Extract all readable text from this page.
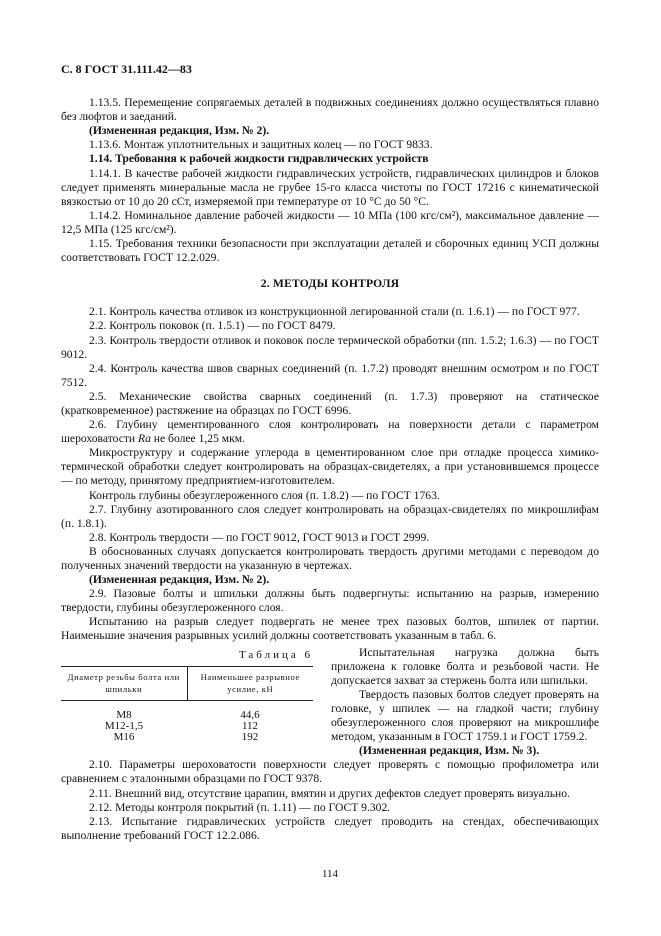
С. 8 ГОСТ 31.111.42—83

1.13.5. Перемещение сопрягаемых деталей в подвижных соединениях должно осуществляться плавно без люфтов и заеданий.

(Измененная редакция, Изм. № 2).

1.13.6. Монтаж уплотнительных и защитных колец — по ГОСТ 9833.

1.14. Требования к рабочей жидкости гидравлических устройств

1.14.1. В качестве рабочей жидкости гидравлических устройств, гидравлических цилиндров и блоков следует применять минеральные масла не грубее 15-го класса чистоты по ГОСТ 17216 с кинематической вязкостью от 10 до 20 сСт, измеряемой при температуре от 10 °С до 50 °С.

1.14.2. Номинальное давление рабочей жидкости — 10 МПа (100 кгс/см²), максимальное давление — 12,5 МПа (125 кгс/см²).

1.15. Требования техники безопасности при эксплуатации деталей и сборочных единиц УСП должны соответствовать ГОСТ 12.2.029.

2. МЕТОДЫ КОНТРОЛЯ

2.1. Контроль качества отливок из конструкционной легированной стали (п. 1.6.1) — по ГОСТ 977.

2.2. Контроль поковок (п. 1.5.1) — по ГОСТ 8479.

2.3. Контроль твердости отливок и поковок после термической обработки (пп. 1.5.2; 1.6.3) — по ГОСТ 9012.

2.4. Контроль качества швов сварных соединений (п. 1.7.2) проводят внешним осмотром и по ГОСТ 7512.

2.5. Механические свойства сварных соединений (п. 1.7.3) проверяют на статическое (кратковременное) растяжение на образцах по ГОСТ 6996.

2.6. Глубину цементированного слоя контролировать на поверхности детали с параметром шероховатости Ra не более 1,25 мкм.

Микроструктуру и содержание углерода в цементированном слое при отладке процесса химико-термической обработки следует контролировать на образцах-свидетелях, а при установившемся процессе — по методу, принятому предприятием-изготовителем.

Контроль глубины обезуглероженного слоя (п. 1.8.2) — по ГОСТ 1763.

2.7. Глубину азотированного слоя следует контролировать на образцах-свидетелях по микрошлифам (п. 1.8.1).

2.8. Контроль твердости — по ГОСТ 9012, ГОСТ 9013 и ГОСТ 2999.

В обоснованных случаях допускается контролировать твердость другими методами с переводом до полученных значений твердости на указанную в чертежах.

(Измененная редакция, Изм. № 2).

2.9. Пазовые болты и шпильки должны быть подвергнуты: испытанию на разрыв, измерению твердости, глубины обезуглероженного слоя.

Испытанию на разрыв следует подвергать не менее трех пазовых болтов, шпилек от партии. Наименьшие значения разрывных усилий должны соответствовать указанным в табл. 6.

Таблица 6
Диаметр резьбы болта или шпильки	Наименьшее разрывное усилие, кН
М8	44,6
М12-1,5	112
М16	192

Испытательная нагрузка должна быть приложена к головке болта и резьбовой части. Не допускается захват за стержень болта или шпильки.

Твердость пазовых болтов следует проверять на головке, у шпилек — на гладкой части; глубину обезуглероженного слоя проверяют на микрошлифе методом, указанным в ГОСТ 1759.1 и ГОСТ 1759.2.

(Измененная редакция, Изм. № 3).

2.10. Параметры шероховатости поверхности следует проверять с помощью профилометра или сравнением с эталонными образцами по ГОСТ 9378.

2.11. Внешний вид, отсутствие царапин, вмятин и других дефектов следует проверять визуально.

2.12. Методы контроля покрытий (п. 1.11) — по ГОСТ 9.302.

2.13. Испытание гидравлических устройств следует проводить на стендах, обеспечивающих выполнение требований ГОСТ 12.2.086.

114
